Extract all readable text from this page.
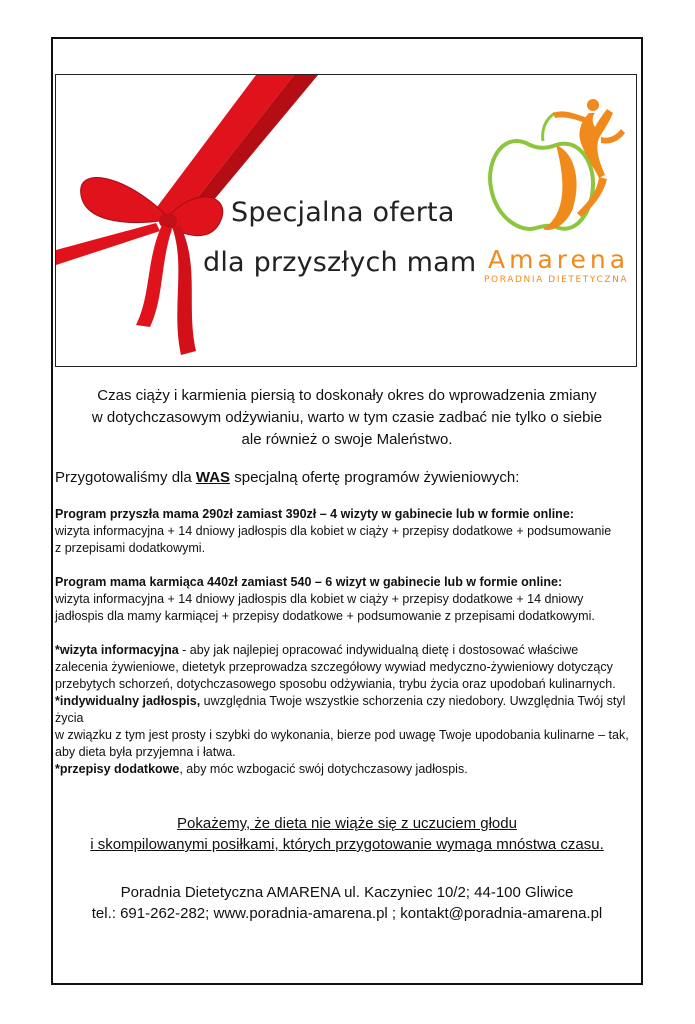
Specjalna oferta
dla przyszłych mam Amarena
PORADNIA DIETETYCZNA
Czas ciąży i karmienia piersią to doskonały okres do wprowadzenia zmiany
w dotychczasowym odżywianiu, warto w tym czasie zadbać nie tylko o siebie
ale również o swoje Maleństwo.
Przygotowaliśmy dla WAS specjalną ofertę programów żywieniowych:
Program przyszła mama 290zł zamiast 390zł – 4 wizyty w gabinecie lub w formie online:
wizyta informacyjna + 14 dniowy jadłospis dla kobiet w ciąży + przepisy dodatkowe + podsumowanie
z przepisami dodatkowymi.
Program mama karmiąca 440zł zamiast 540 – 6 wizyt w gabinecie lub w formie online:
wizyta informacyjna + 14 dniowy jadłospis dla kobiet w ciąży + przepisy dodatkowe + 14 dniowy
jadłospis dla mamy karmiącej + przepisy dodatkowe + podsumowanie z przepisami dodatkowymi.
*wizyta informacyjna - aby jak najlepiej opracować indywidualną dietę i dostosować właściwe
zalecenia żywieniowe, dietetyk przeprowadza szczegółowy wywiad medyczno-żywieniowy dotyczący
przebytych schorzeń, dotychczasowego sposobu odżywiania, trybu życia oraz upodobań kulinarnych.
*indywidualny jadłospis, uwzględnia Twoje wszystkie schorzenia czy niedobory. Uwzględnia Twój styl
życia
w związku z tym jest prosty i szybki do wykonania, bierze pod uwagę Twoje upodobania kulinarne – tak,
aby dieta była przyjemna i łatwa.
*przepisy dodatkowe, aby móc wzbogacić swój dotychczasowy jadłospis.
Pokażemy, że dieta nie wiąże się z uczuciem głodu
i skompilowanymi posiłkami, których przygotowanie wymaga mnóstwa czasu.
Poradnia Dietetyczna AMARENA ul. Kaczyniec 10/2; 44-100 Gliwice
tel.: 691-262-282; www.poradnia-amarena.pl ; kontakt@poradnia-amarena.pl
